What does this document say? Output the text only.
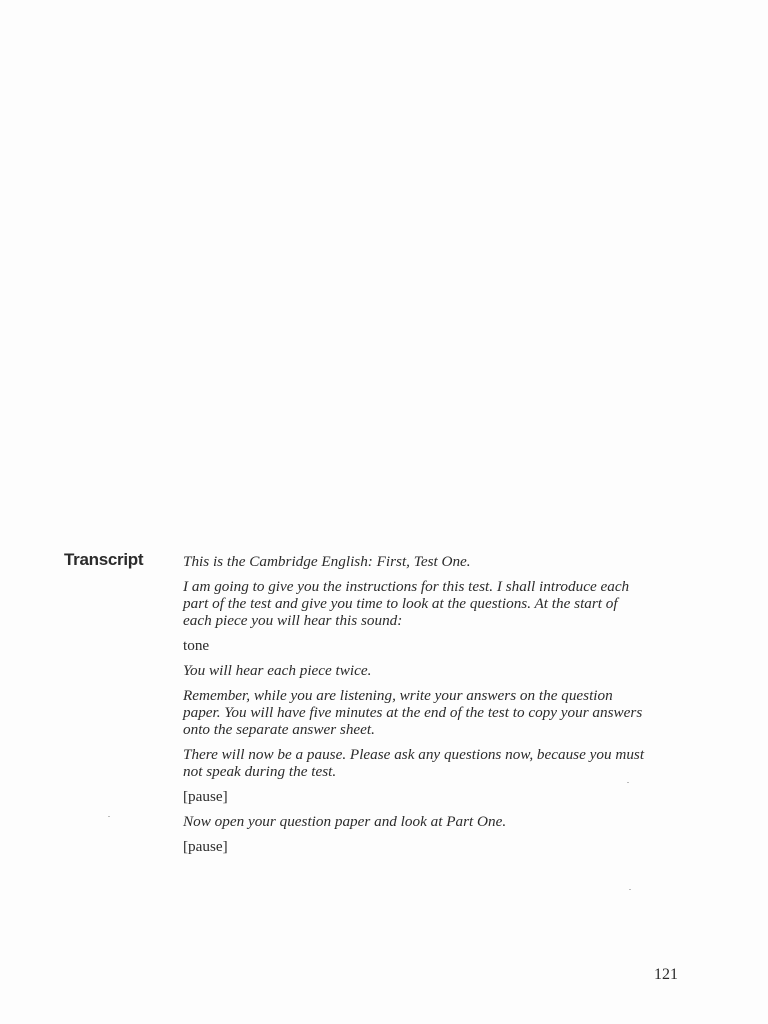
Transcript	This is the Cambridge English: First, Test One.
I am going to give you the instructions for this test. I shall introduce each
part of the test and give you time to look at the questions. At the start of
each piece you will hear this sound:
tone
You will hear each piece twice.
Remember, while you are listening, write your answers on the question
paper. You will have five minutes at the end of the test to copy your answers
onto the separate answer sheet.
There will now be a pause. Please ask any questions now, because you must
not speak during the test.
[pause]
Now open your question paper and look at Part One.
[pause]
121
